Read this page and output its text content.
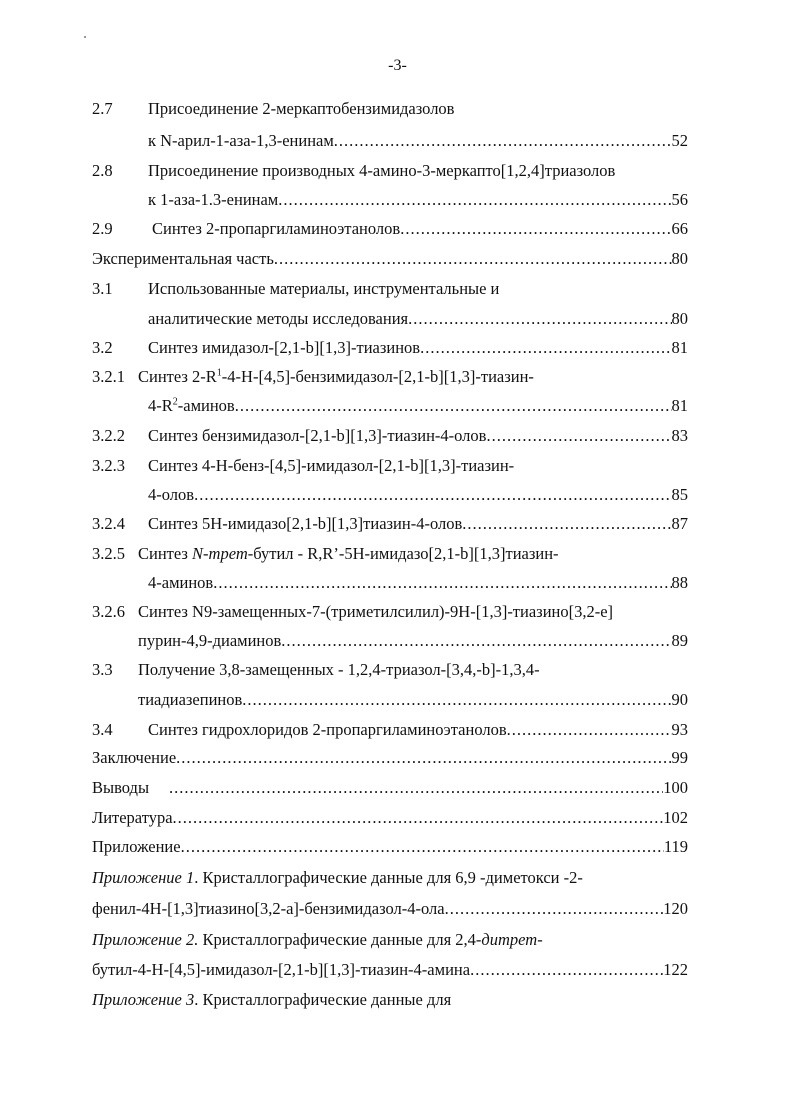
-3-
2.7 Присоединение 2-меркаптобензимидазолов
к N-арил-1-аза-1,3-енинам .....	52
2.8 Присоединение производных 4-амино-3-меркапто[1,2,4]триазолов
к 1-аза-1.3-енинам .....	56
2.9 Синтез 2-пропаргиламиноэтанолов .....	66
Экспериментальная часть .....	80
3.1 Использованные материалы, инструментальные и
аналитические методы исследования .....	80
3.2 Синтез имидазол-[2,1-b][1,3]-тиазинов .....	81
3.2.1 Синтез $2-R^1-4-Н-[4,5]-бензимидазол-[2,1-b][1,3]-тиазин-$
$4-R^2$-аминов .....	81
3.2.2 Синтез бензимидазол-[2,1-b][1,3]-тиазин-4-олов .....	83
3.2.3 Синтез 4-Н-бенз-[4,5]-имидазол-[2,1-b][1,3]-тиазин-
4-олов .....	85
3.2.4 Синтез 5H-имидазо[2,1-b][1,3]тиазин-4-олов .....	87
3.2.5 Синтез N-трет-бутил - R,R’-5H-имидазо[2,1-b][1,3]тиазин-
4-аминов .....	88
3.2.6 Синтез N9-замещенных-7-(триметилсилил)-9Н-[1,3]-тиазино[3,2-е]
пурин-4,9-диаминов .....	89
3.3 Получение 3,8-замещенных - 1,2,4-триазол-[3,4,-b]-1,3,4-
тиадиазепинов .....	90
3.4 Синтез гидрохлоридов 2-пропаргиламиноэтанолов .....	93
Заключение .....	99
Выводы .....	100
Литература .....	102
Приложение .....	119
Приложение 1. Кристаллографические данные для 6,9 -диметокси -2-
фенил-4Н-[1,3]тиазино[3,2-a]-бензимидазол-4-ола .....	120
Приложение 2. Кристаллографические данные для 2,4-дитрет-
бутил-4-Н-[4,5]-имидазол-[2,1-b][1,3]-тиазин-4-амина .....	122
Приложение 3. Кристаллографические данные для
